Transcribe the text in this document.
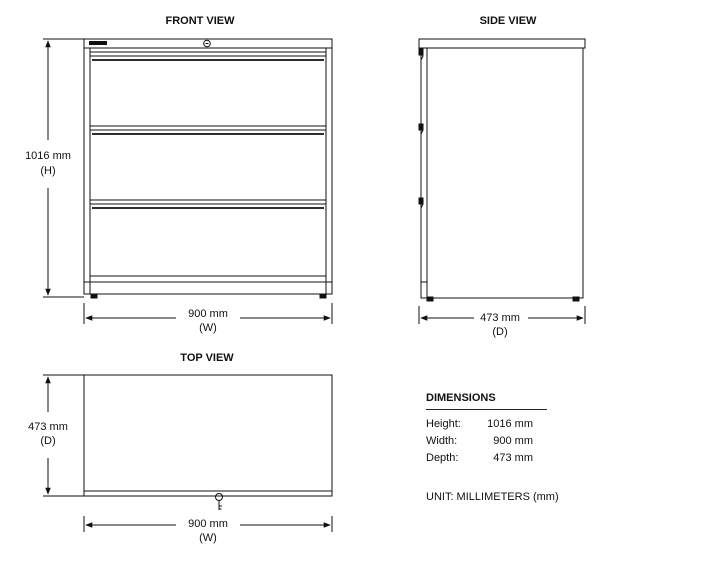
FRONT VIEW
1016 mm
(H)
900 mm
(W)
SIDE VIEW
473 mm
(D)
TOP VIEW
473 mm
(D)
900 mm
(W)
DIMENSIONS
Height: 1016 mm
Width:	900 mm
Depth:	473 mm
UNIT: MILLIMETERS (mm)
